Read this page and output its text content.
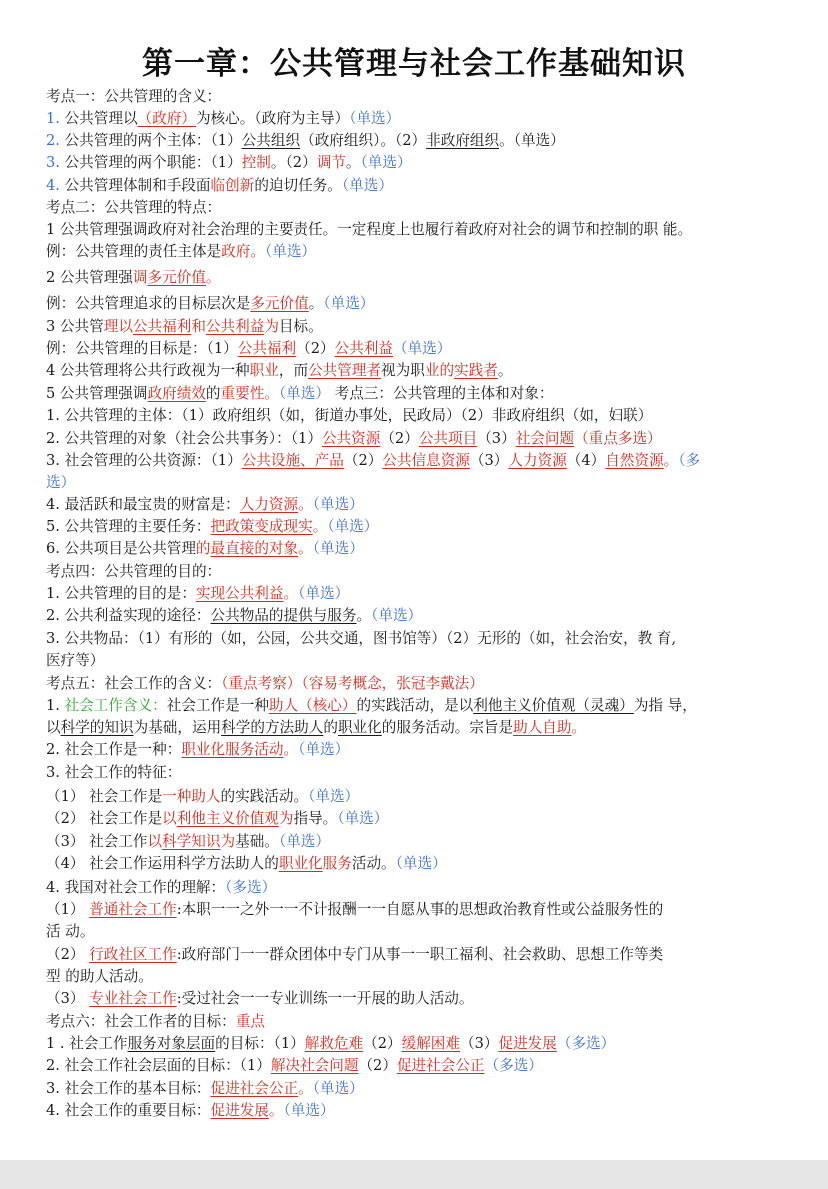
第一章：公共管理与社会工作基础知识
考点一：公共管理的含义：
1. 公共管理以（政府）为核心。（政府为主导）（单选）
2. 公共管理的两个主体：（1）公共组织（政府组织）。（2）非政府组织。（单选）
3. 公共管理的两个职能：（1）控制。（2）调节。（单选）
4. 公共管理体制和手段面临创新的迫切任务。（单选）
考点二：公共管理的特点：
1 公共管理强调政府对社会治理的主要责任。一定程度上也履行着政府对社会的调节和控制的职 能。
例：公共管理的责任主体是政府。（单选）
2 公共管理强调多元价值。
例：公共管理追求的目标层次是多元价值。（单选）
3 公共管理以公共福利和公共利益为目标。
例：公共管理的目标是：（1）公共福利（2）公共利益（单选）
4 公共管理将公共行政视为一种职业，而公共管理者视为职业的实践者。
5 公共管理强调政府绩效的重要性。（单选） 考点三：公共管理的主体和对象：
1. 公共管理的主体：（1）政府组织（如，街道办事处，民政局）（2）非政府组织（如，妇联）
2. 公共管理的对象（社会公共事务）：（1）公共资源（2）公共项目（3）社会问题（重点多选）
3. 社会管理的公共资源：（1）公共设施、产品（2）公共信息资源（3）人力资源（4）自然资源。（多
选）
4. 最活跃和最宝贵的财富是：人力资源。（单选）
5. 公共管理的主要任务：把政策变成现实。（单选）
6. 公共项目是公共管理的最直接的对象。（单选）
考点四：公共管理的目的：
1. 公共管理的目的是：实现公共利益。（单选）
2. 公共利益实现的途径：公共物品的提供与服务。（单选）
3. 公共物品：（1）有形的（如，公园，公共交通，图书馆等）（2）无形的（如，社会治安，教 育,
医疗等）
考点五：社会工作的含义：（重点考察）（容易考概念，张冠李戴法）
1. 社会工作含义：社会工作是一种助人（核心）的实践活动，是以利他主义价值观（灵魂）为指 导，
以科学的知识为基础，运用科学的方法助人的职业化的服务活动。宗旨是助人自助。
2. 社会工作是一种：职业化服务活动。（单选）
3. 社会工作的特征：
（1） 社会工作是一种助人的实践活动。（单选）
（2） 社会工作是以利他主义价值观为指导。（单选）
（3） 社会工作以科学知识为基础。（单选）
（4） 社会工作运用科学方法助人的职业化服务活动。（单选）
4. 我国对社会工作的理解：（多选）
（1） 普通社会工作:本职一一之外一一不计报酬一一自愿从事的思想政治教育性或公益服务性的
活 动。
（2） 行政社区工作:政府部门一一群众团体中专门从事一一职工福利、社会救助、思想工作等类
型 的助人活动。
（3） 专业社会工作:受过社会一一专业训练一一开展的助人活动。
考点六：社会工作者的目标：重点
1 . 社会工作服务对象层面的目标：（1）解救危难（2）缓解困难（3）促进发展（多选）
2. 社会工作社会层面的目标：（1）解决社会问题（2）促进社会公正（多选）
3. 社会工作的基本目标：促进社会公正。（单选）
4. 社会工作的重要目标：促进发展。（单选）
